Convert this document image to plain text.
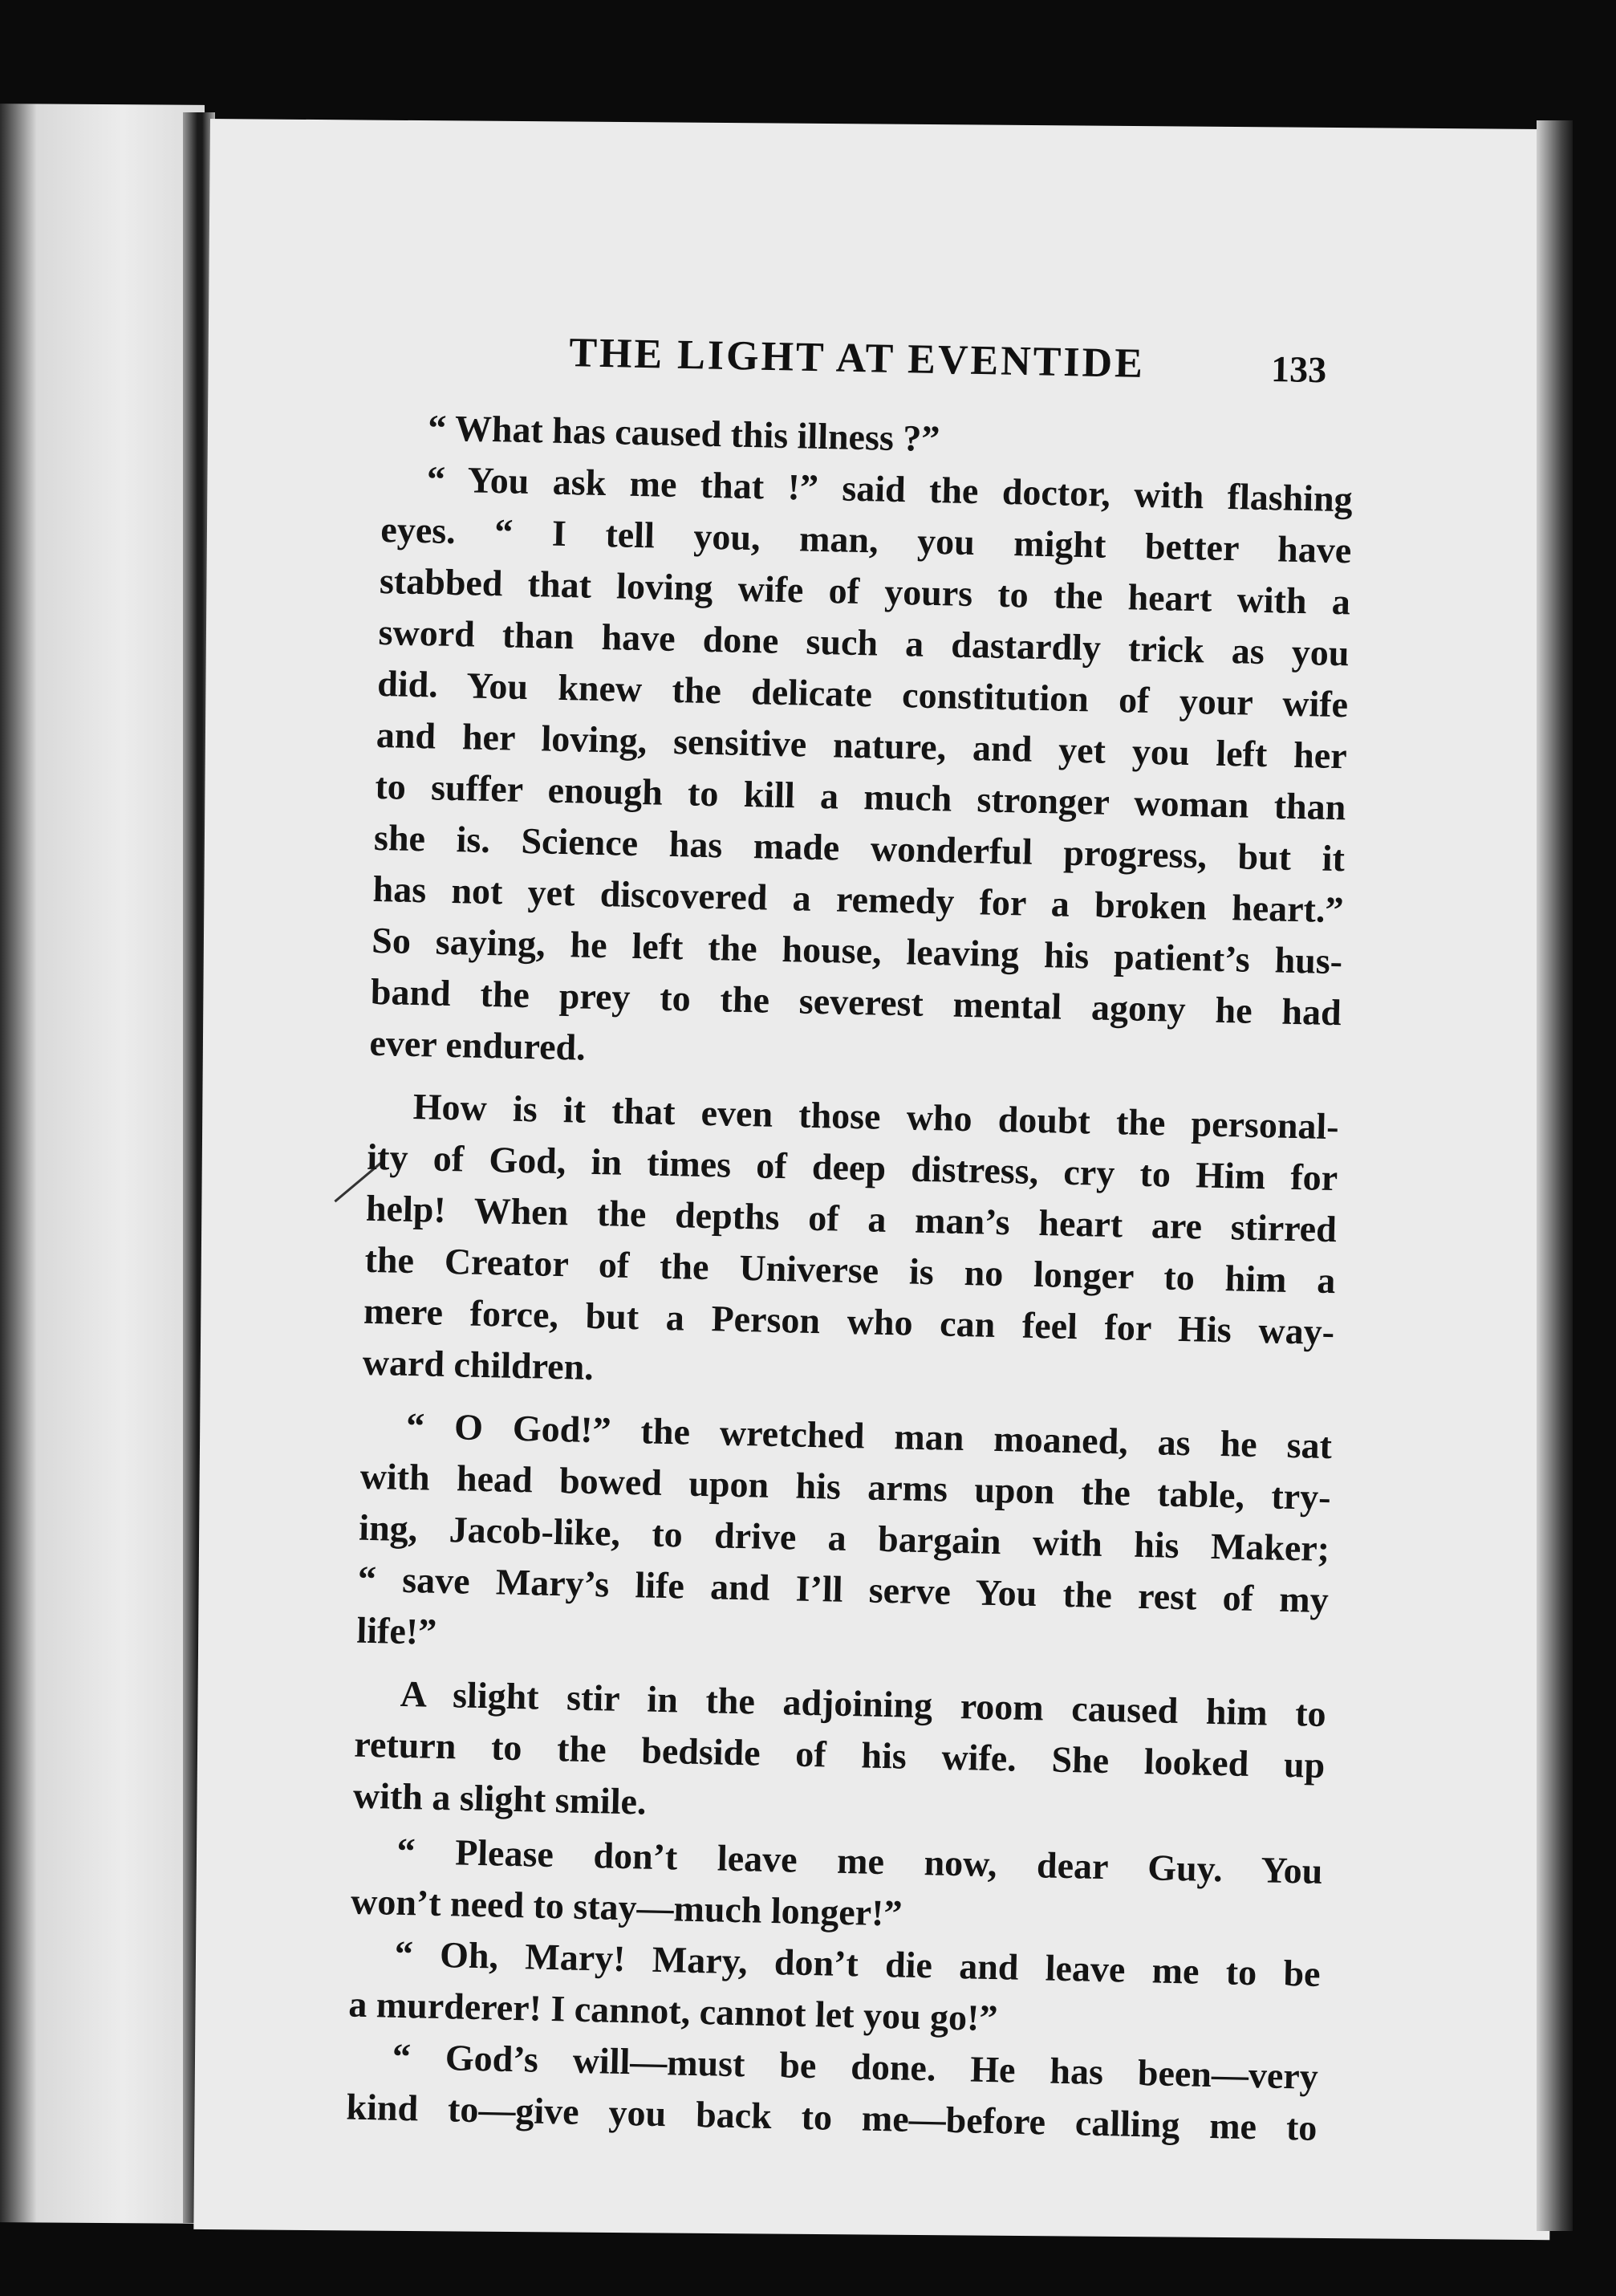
THE LIGHT AT EVENTIDE	133
“ What has caused this illness ?”
“ You ask me that !” said the doctor, with flashing
eyes. “ I tell you, man, you might better have
stabbed that loving wife of yours to the heart with a
sword than have done such a dastardly trick as you
did. You knew the delicate constitution of your wife
and her loving, sensitive nature, and yet you left her
to suffer enough to kill a much stronger woman than
she is. Science has made wonderful progress, but it
has not yet discovered a remedy for a broken heart.”
So saying, he left the house, leaving his patient’s hus-
band the prey to the severest mental agony he had
ever endured.
How is it that even those who doubt the personal-
ity of God, in times of deep distress, cry to Him for
help! When the depths of a man’s heart are stirred
the Creator of the Universe is no longer to him a
mere force, but a Person who can feel for His way-
ward children.
“ O God!” the wretched man moaned, as he sat
with head bowed upon his arms upon the table, try-
ing, Jacob-like, to drive a bargain with his Maker;
“ save Mary’s life and I’ll serve You the rest of my
life!”
A slight stir in the adjoining room caused him to
return to the bedside of his wife. She looked up
with a slight smile.
“ Please don’t leave me now, dear Guy. You
won’t need to stay—much longer!”
“ Oh, Mary! Mary, don’t die and leave me to be
a murderer! I cannot, cannot let you go!”
“ God’s will—must be done. He has been—very
kind to—give you back to me—before calling me to
